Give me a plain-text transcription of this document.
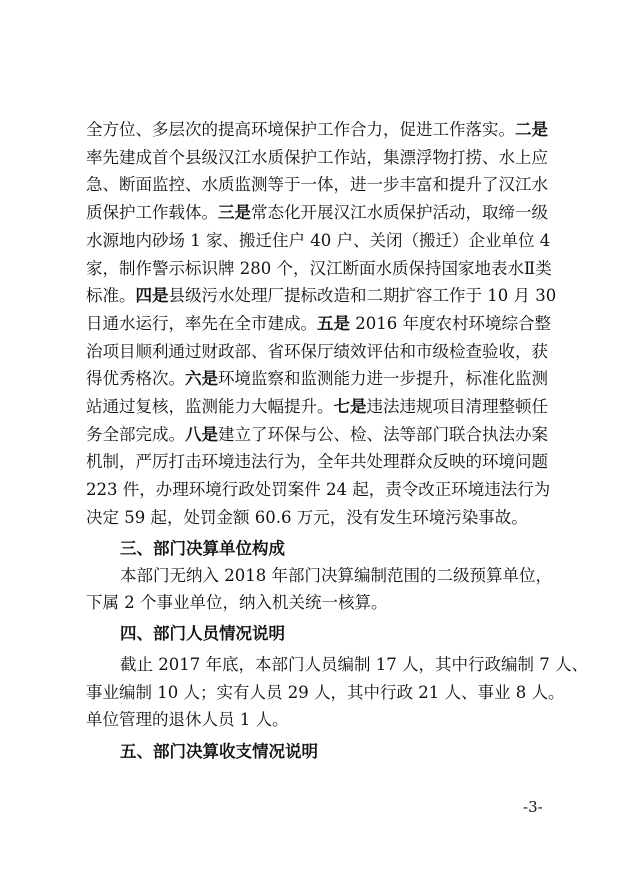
全方位、多层次的提高环境保护工作合力，促进工作落实。二是
率先建成首个县级汉江水质保护工作站，集漂浮物打捞、水上应
急、断面监控、水质监测等于一体，进一步丰富和提升了汉江水
质保护工作载体。三是常态化开展汉江水质保护活动，取缔一级
水源地内砂场 1 家、搬迁住户 40 户、关闭（搬迁）企业单位 4
家，制作警示标识牌 280 个，汉江断面水质保持国家地表水Ⅱ类
标准。四是县级污水处理厂提标改造和二期扩容工作于 10 月 30
日通水运行，率先在全市建成。五是 2016 年度农村环境综合整
治项目顺利通过财政部、省环保厅绩效评估和市级检查验收，获
得优秀格次。六是环境监察和监测能力进一步提升，标准化监测
站通过复核，监测能力大幅提升。七是违法违规项目清理整顿任
务全部完成。八是建立了环保与公、检、法等部门联合执法办案
机制，严厉打击环境违法行为，全年共处理群众反映的环境问题
223 件，办理环境行政处罚案件 24 起，责令改正环境违法行为
决定 59 起，处罚金额 60.6 万元，没有发生环境污染事故。
三、部门决算单位构成
本部门无纳入 2018 年部门决算编制范围的二级预算单位，
下属 2 个事业单位，纳入机关统一核算。
四、部门人员情况说明
截止 2017 年底，本部门人员编制 17 人，其中行政编制 7 人、
事业编制 10 人；实有人员 29 人，其中行政 21 人、事业 8 人。
单位管理的退休人员 1 人。
五、部门决算收支情况说明
-3-
